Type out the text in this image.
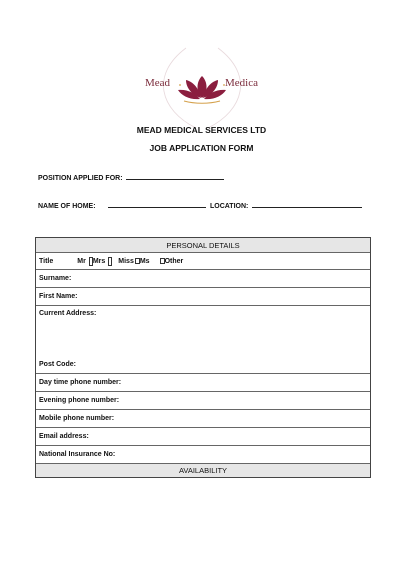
Mead	Medica
MEAD MEDICAL SERVICES LTD
JOB APPLICATION FORM
POSITION APPLIED FOR:
NAME OF HOME:	LOCATION:
PERSONAL DETAILS
Title	Mr Mrs Miss Ms Other
Surname:
First Name:
Current Address:
Post Code:
Day time phone number:
Evening phone number:
Mobile phone number:
Email address:
National Insurance No:
AVAILABILITY
